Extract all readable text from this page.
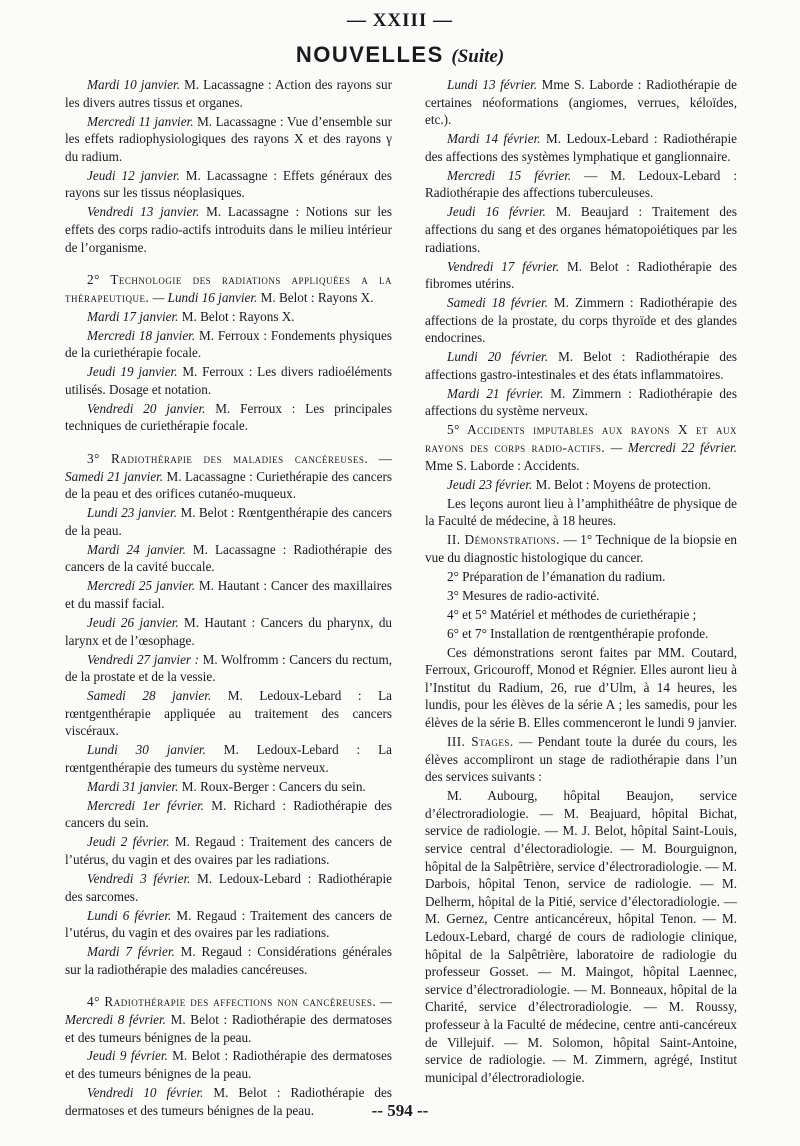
— XXIII —
NOUVELLES (Suite)

Mardi 10 janvier. M. Lacassagne : Action des rayons sur les divers autres tissus et organes.

Mercredi 11 janvier. M. Lacassagne : Vue d’ensemble sur les effets radiophysiologiques des rayons X et des rayons γ du radium.

Jeudi 12 janvier. M. Lacassagne : Effets généraux des rayons sur les tissus néoplasiques.

Vendredi 13 janvier. M. Lacassagne : Notions sur les effets des corps radio-actifs introduits dans le milieu intérieur de l’organisme.

2° Technologie des radiations appliquées a la thérapeutique. — Lundi 16 janvier. M. Belot : Rayons X.

Mardi 17 janvier. M. Belot : Rayons X.

Mercredi 18 janvier. M. Ferroux : Fondements physiques de la curiethérapie focale.

Jeudi 19 janvier. M. Ferroux : Les divers radioéléments utilisés. Dosage et notation.

Vendredi 20 janvier. M. Ferroux : Les principales techniques de curiethérapie focale.

3° Radiothérapie des maladies cancéreuses. — Samedi 21 janvier. M. Lacassagne : Curiethérapie des cancers de la peau et des orifices cutanéo-muqueux.

Lundi 23 janvier. M. Belot : Rœntgenthérapie des cancers de la peau.

Mardi 24 janvier. M. Lacassagne : Radiothérapie des cancers de la cavité buccale.

Mercredi 25 janvier. M. Hautant : Cancer des maxillaires et du massif facial.

Jeudi 26 janvier. M. Hautant : Cancers du pharynx, du larynx et de l’œsophage.

Vendredi 27 janvier : M. Wolfromm : Cancers du rectum, de la prostate et de la vessie.

Samedi 28 janvier. M. Ledoux-Lebard : La rœntgenthérapie appliquée au traitement des cancers viscéraux.

Lundi 30 janvier. M. Ledoux-Lebard : La rœntgenthérapie des tumeurs du système nerveux.

Mardi 31 janvier. M. Roux-Berger : Cancers du sein.

Mercredi 1er février. M. Richard : Radiothérapie des cancers du sein.

Jeudi 2 février. M. Regaud : Traitement des cancers de l’utérus, du vagin et des ovaires par les radiations.

Vendredi 3 février. M. Ledoux-Lebard : Radiothérapie des sarcomes.

Lundi 6 février. M. Regaud : Traitement des cancers de l’utérus, du vagin et des ovaires par les radiations.

Mardi 7 février. M. Regaud : Considérations générales sur la radiothérapie des maladies cancéreuses.

4° Radiothérapie des affections non cancéreuses. — Mercredi 8 février. M. Belot : Radiothérapie des dermatoses et des tumeurs bénignes de la peau.

Jeudi 9 février. M. Belot : Radiothérapie des dermatoses et des tumeurs bénignes de la peau.

Vendredi 10 février. M. Belot : Radiothérapie des dermatoses et des tumeurs bénignes de la peau.

Lundi 13 février. Mme S. Laborde : Radiothérapie de certaines néoformations (angiomes, verrues, kéloïdes, etc.).

Mardi 14 février. M. Ledoux-Lebard : Radiothérapie des affections des systèmes lymphatique et ganglionnaire.

Mercredi 15 février. — M. Ledoux-Lebard : Radiothérapie des affections tuberculeuses.

Jeudi 16 février. M. Beaujard : Traitement des affections du sang et des organes hématopoiétiques par les radiations.

Vendredi 17 février. M. Belot : Radiothérapie des fibromes utérins.

Samedi 18 février. M. Zimmern : Radiothérapie des affections de la prostate, du corps thyroïde et des glandes endocrines.

Lundi 20 février. M. Belot : Radiothérapie des affections gastro-intestinales et des états inflammatoires.

Mardi 21 février. M. Zimmern : Radiothérapie des affections du système nerveux.

5° Accidents imputables aux rayons X et aux rayons des corps radio-actifs. — Mercredi 22 février. Mme S. Laborde : Accidents.

Jeudi 23 février. M. Belot : Moyens de protection.

Les leçons auront lieu à l’amphithéâtre de physique de la Faculté de médecine, à 18 heures.

II. Démonstrations. — 1° Technique de la biopsie en vue du diagnostic histologique du cancer.

2° Préparation de l’émanation du radium.

3° Mesures de radio-activité.

4° et 5° Matériel et méthodes de curiethérapie ;

6° et 7° Installation de rœntgenthérapie profonde.

Ces démonstrations seront faites par MM. Coutard, Ferroux, Gricouroff, Monod et Régnier. Elles auront lieu à l’Institut du Radium, 26, rue d’Ulm, à 14 heures, les lundis, pour les élèves de la série A ; les samedis, pour les élèves de la série B. Elles commenceront le lundi 9 janvier.

III. Stages. — Pendant toute la durée du cours, les élèves accompliront un stage de radiothérapie dans l’un des services suivants :

M. Aubourg, hôpital Beaujon, service d’électroradiologie. — M. Beajuard, hôpital Bichat, service de radiologie. — M. J. Belot, hôpital Saint-Louis, service central d’électoradiologie. — M. Bourguignon, hôpital de la Salpêtrière, service d’électroradiologie. — M. Darbois, hôpital Tenon, service de radiologie. — M. Delherm, hôpital de la Pitié, service d’électoradiologie. — M. Gernez, Centre anticancéreux, hôpital Tenon. — M. Ledoux-Lebard, chargé de cours de radiologie clinique, hôpital de la Salpêtrière, laboratoire de radiologie du professeur Gosset. — M. Maingot, hôpital Laennec, service d’électroradiologie. — M. Bonneaux, hôpital de la Charité, service d’électroradiologie. — M. Roussy, professeur à la Faculté de médecine, centre anti-cancéreux de Villejuif. — M. Solomon, hôpital Saint-Antoine, service de radiologie. — M. Zimmern, agrégé, Institut municipal d’électroradiologie.

-- 594 --
